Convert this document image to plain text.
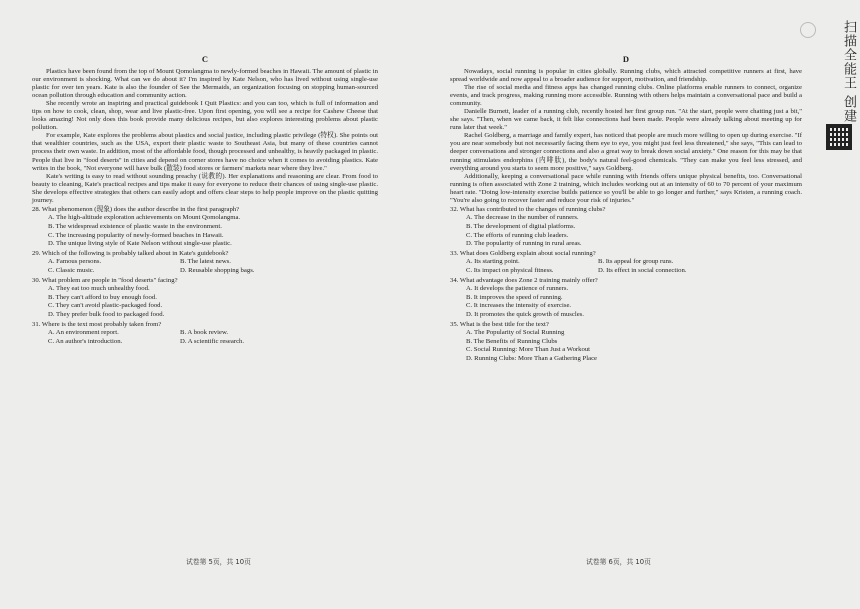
C

Plastics have been found from the top of Mount Qomolangma to newly-formed beaches in Hawaii. The amount of plastic in our environment is shocking. What can we do about it? I'm inspired by Kate Nelson, who has lived without using single-use plastic for over ten years. Kate is also the founder of See the Mermaids, an organization focusing on stopping human-sourced ocean pollution through education and community action.

She recently wrote an inspiring and practical guidebook I Quit Plastics: and you can too, which is full of information and tips on how to cook, clean, shop, wear and live plastic-free. Upon first opening, you will see a recipe for Cashew Cheese that looks amazing! Not only does this book provide many delicious recipes, but also explores interesting problems about plastic pollution.

For example, Kate explores the problems about plastics and social justice, including plastic privilege (特权). She points out that wealthier countries, such as the USA, export their plastic waste to Southeast Asia, but many of these countries cannot process their own waste. In addition, most of the affordable food, though processed and unhealthy, is heavily packaged in plastic. People that live in "food deserts" in cities and depend on corner stores have no choice when it comes to avoiding plastics. Kate writes in the book, "Not everyone will have bulk (散装) food stores or farmers' markets near where they live."

Kate's writing is easy to read without sounding preachy (说教的). Her explanations and reasoning are clear. From food to beauty to cleaning, Kate's practical recipes and tips make it easy for everyone to reduce their chances of using single-use plastic. She develops effective strategies that others can easily adopt and offers clear steps to help people improve on the plastic quitting journey.

28. What phenomenon (现象) does the author describe in the first paragraph?

A. The high-altitude exploration achievements on Mount Qomolangma.
B. The widespread existence of plastic waste in the environment.
C. The increasing popularity of newly-formed beaches in Hawaii.
D. The unique living style of Kate Nelson without single-use plastic.

29. Which of the following is probably talked about in Kate's guidebook?

A. Famous persons.	B. The latest news.
C. Classic music.	D. Reusable shopping bags.

30. What problem are people in "food deserts" facing?

A. They eat too much unhealthy food.
B. They can't afford to buy enough food.
C. They can't avoid plastic-packaged food.
D. They prefer bulk food to packaged food.

31. Where is the text most probably taken from?

A. An environment report.	B. A book review.
C. An author's introduction.	D. A scientific research.
试卷第 5页，共 10页
D

Nowadays, social running is popular in cities globally. Running clubs, which attracted competitive runners at first, have spread worldwide and now appeal to a broader audience for support, motivation, and friendship.

The rise of social media and fitness apps has changed running clubs. Online platforms enable runners to connect, organize events, and track progress, making running more accessible. Running with others helps maintain a conversational pace and build a community.

Danielle Burnett, leader of a running club, recently hosted her first group run. "At the start, people were chatting just a bit," she says. "Then, when we came back, it felt like connections had been made. People were already talking about meeting up for runs later that week."

Rachel Goldberg, a marriage and family expert, has noticed that people are much more willing to open up during exercise. "If you are near somebody but not necessarily facing them eye to eye, you might just feel less threatened," she says, "This can lead to deeper conversations and stronger connections and also a great way to break down social anxiety." One reason for this may be that running stimulates endorphins (内啡肽), the body's natural feel-good chemicals. "They can make you feel less stressed, and everything around you starts to seem more positive," says Goldberg.

Additionally, keeping a conversational pace while running with friends offers unique physical benefits, too. Conversational running is often associated with Zone 2 training, which includes working out at an intensity of 60 to 70 percent of your maximum heart rate. "Doing low-intensity exercise builds patience so you'll be able to go longer and further," says Kristen, a running coach. "You're also going to recover faster and reduce your risk of injuries."

32. What has contributed to the changes of running clubs?

A. The decrease in the number of runners.
B. The development of digital platforms.
C. The efforts of running club leaders.
D. The popularity of running in rural areas.

33. What does Goldberg explain about social running?

A. Its starting point.	B. Its appeal for group runs.
C. Its impact on physical fitness.	D. Its effect in social connection.

34. What advantage does Zone 2 training mainly offer?

A. It develops the patience of runners.
B. It improves the speed of running.
C. It increases the intensity of exercise.
D. It promotes the quick growth of muscles.

35. What is the best title for the text?

A. The Popularity of Social Running
B. The Benefits of Running Clubs
C. Social Running: More Than Just a Workout
D. Running Clubs: More Than a Gathering Place
试卷第 6页，共 10页
扫描全能王 创建
